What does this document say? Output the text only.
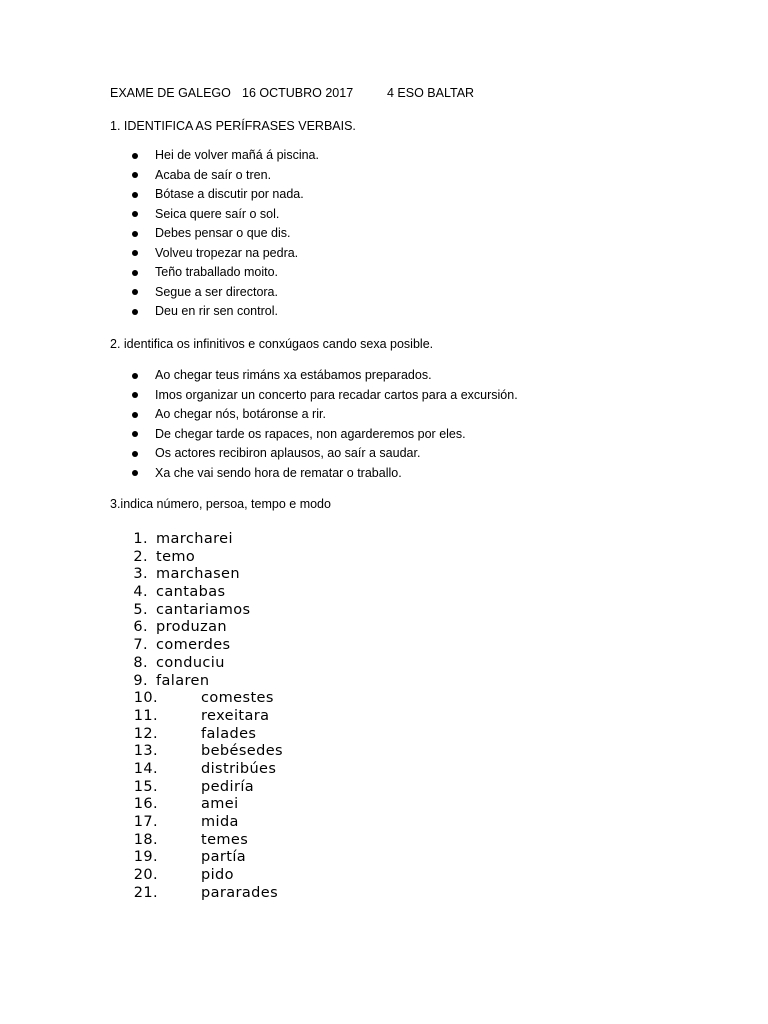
EXAME DE GALEGO 16 OCTUBRO 2017	4 ESO BALTAR
1. IDENTIFICA AS PERÍFRASES VERBAIS.
Hei de volver mañá á piscina.
Acaba de saír o tren.
Bótase a discutir por nada.
Seica quere saír o sol.
Debes pensar o que dis.
Volveu tropezar na pedra.
Teño traballado moito.
Segue a ser directora.
Deu en rir sen control.
2. identifica os infinitivos e conxúgaos cando sexa posible.
Ao chegar teus rimáns xa estábamos preparados.
Imos organizar un concerto para recadar cartos para a excursión.
Ao chegar nós, botáronse a rir.
De chegar tarde os rapaces, non agarderemos por eles.
Os actores recibiron aplausos, ao saír a saudar.
Xa che vai sendo hora de rematar o traballo.
3.indica número, persoa, tempo e modo
1. marcharei
2. temo
3. marchasen
4. cantabas
5. cantariamos
6. produzan
7. comerdes
8. conduciu
9. falaren
10.	comestes
11.	rexeitara
12.	falades
13.	bebésedes
14.	distribúes
15.	pediría
16.	amei
17.	mida
18.	temes
19.	partía
20.	pido
21.	pararades
